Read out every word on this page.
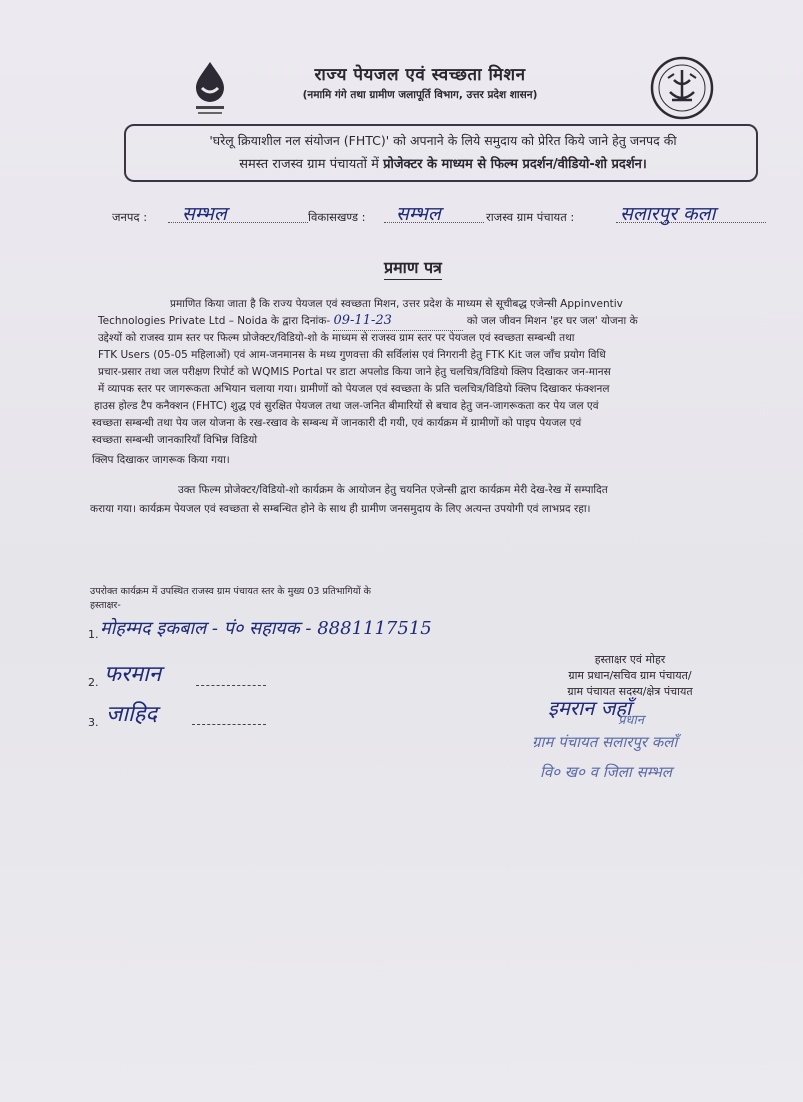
राज्य पेयजल एवं स्वच्छता मिशन
(नमामि गंगे तथा ग्रामीण जलापूर्ति विभाग, उत्तर प्रदेश शासन)
'घरेलू क्रियाशील नल संयोजन (FHTC)' को अपनाने के लिये समुदाय को प्रेरित किये जाने हेतु जनपद की
समस्त राजस्व ग्राम पंचायतों में प्रोजेक्टर के माध्यम से फिल्म प्रदर्शन/वीडियो-शो प्रदर्शन।
जनपद : सम्भल	विकासखण्ड : सम्भल	राजस्व ग्राम पंचायत : सलारपुर कला
प्रमाण पत्र
प्रमाणित किया जाता है कि राज्य पेयजल एवं स्वच्छता मिशन, उत्तर प्रदेश के माध्यम से सूचीबद्ध एजेन्सी Appinventiv
Technologies Private Ltd – Noida के द्वारा दिनांक- 09-11-23	को जल जीवन मिशन 'हर घर जल' योजना के
उद्देश्यों को राजस्व ग्राम स्तर पर फिल्म प्रोजेक्टर/विडियो-शो के माध्यम से राजस्व ग्राम स्तर पर पेयजल एवं स्वच्छता सम्बन्धी तथा
FTK Users (05-05 महिलाओं) एवं आम-जनमानस के मध्य गुणवत्ता की सर्विलांस एवं निगरानी हेतु FTK Kit जल जाँच प्रयोग विधि
प्रचार-प्रसार तथा जल परीक्षण रिपोर्ट को WQMIS Portal पर डाटा अपलोड किया जाने हेतु चलचित्र/विडियो क्लिप दिखाकर जन-मानस
में व्यापक स्तर पर जागरूकता अभियान चलाया गया। ग्रामीणों को पेयजल एवं स्वच्छता के प्रति चलचित्र/विडियो क्लिप दिखाकर फंक्शनल
हाउस होल्ड टैप कनैक्शन (FHTC) शुद्ध एवं सुरक्षित पेयजल तथा जल-जनित बीमारियों से बचाव हेतु जन-जागरूकता कर पेय जल एवं
स्वच्छता सम्बन्धी तथा पेय जल योजना के रख-रखाव के सम्बन्ध में जानकारी दी गयी, एवं कार्यक्रम में ग्रामीणों को पाइप पेयजल एवं
स्वच्छता सम्बन्धी जानकारियाँ विभिन्न विडियो
क्लिप दिखाकर जागरूक किया गया।
उक्त फिल्म प्रोजेक्टर/विडियो-शो कार्यक्रम के आयोजन हेतु चयनित एजेन्सी द्वारा कार्यक्रम मेरी देख-रेख में सम्पादित
कराया गया। कार्यक्रम पेयजल एवं स्वच्छता से सम्बन्धित होने के साथ ही ग्रामीण जनसमुदाय के लिए अत्यन्त उपयोगी एवं लाभप्रद रहा।
उपरोक्त कार्यक्रम में उपस्थित राजस्व ग्राम पंचायत स्तर के मुख्य 03 प्रतिभागियों के
हस्ताक्षर-
1. मोहम्मद इकबाल - पं० सहायक - 8881117515
2. फरमान
3. जाहिद
हस्ताक्षर एवं मोहर
ग्राम प्रधान/सचिव ग्राम पंचायत/
ग्राम पंचायत सदस्य/क्षेत्र पंचायत
इमरान जहाँ
प्रधान
ग्राम पंचायत सलारपुर कलाँ
वि० ख० व जिला सम्भल
